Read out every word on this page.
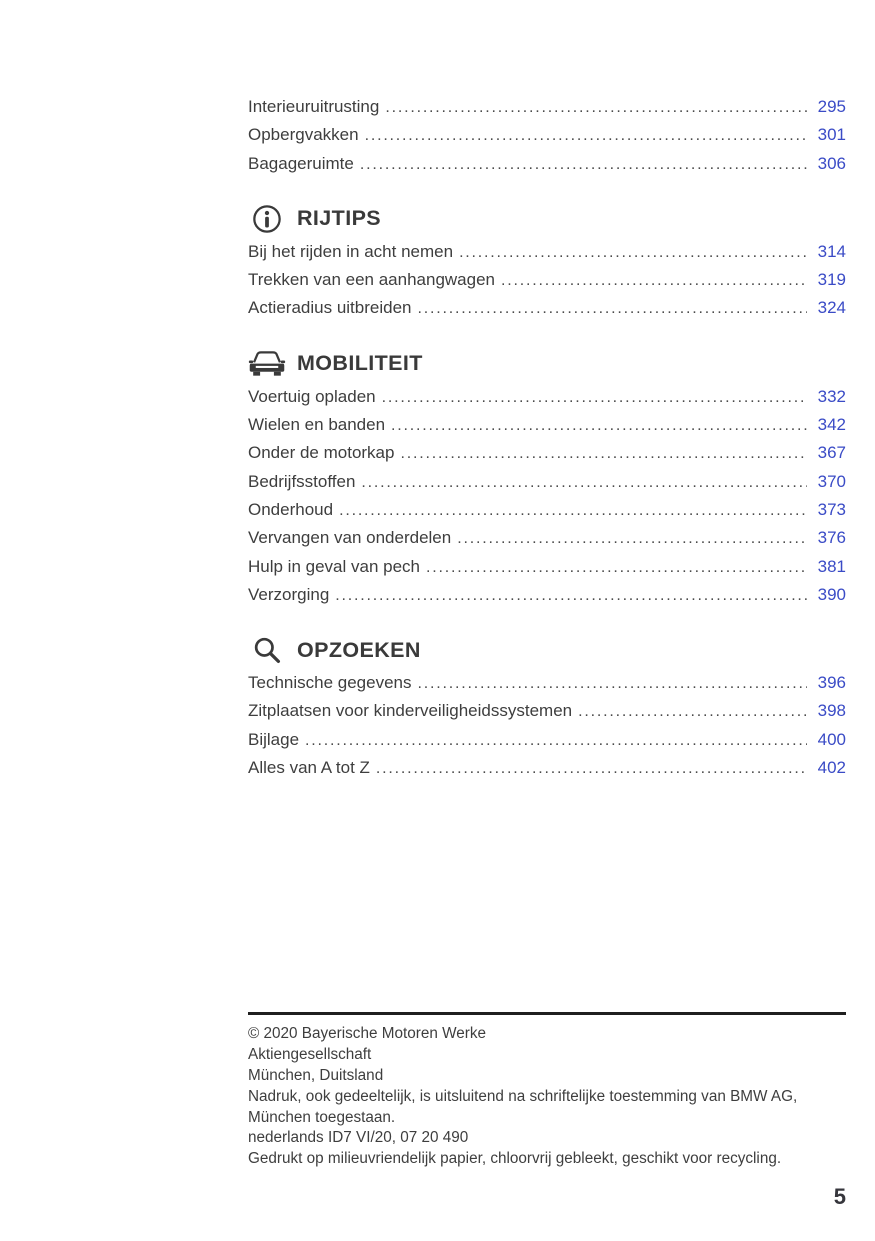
Interieuruitrusting .....	295
Opbergvakken .....	301
Bagageruimte .....	306
RIJTIPS
Bij het rijden in acht nemen .....	314
Trekken van een aanhangwagen .....	319
Actieradius uitbreiden .....	324
MOBILITEIT
Voertuig opladen .....	332
Wielen en banden .....	342
Onder de motorkap .....	367
Bedrijfsstoffen .....	370
Onderhoud .....	373
Vervangen van onderdelen .....	376
Hulp in geval van pech .....	381
Verzorging .....	390
OPZOEKEN
Technische gegevens .....	396
Zitplaatsen voor kinderveiligheidssystemen .....	398
Bijlage .....	400
Alles van A tot Z .....	402

© 2020 Bayerische Motoren Werke

Aktiengesellschaft

München, Duitsland

Nadruk, ook gedeeltelijk, is uitsluitend na schriftelijke toestemming van BMW AG, München toegestaan.

nederlands ID7 VI/20, 07 20 490

Gedrukt op milieuvriendelijk papier, chloorvrij gebleekt, geschikt voor recycling.

5
